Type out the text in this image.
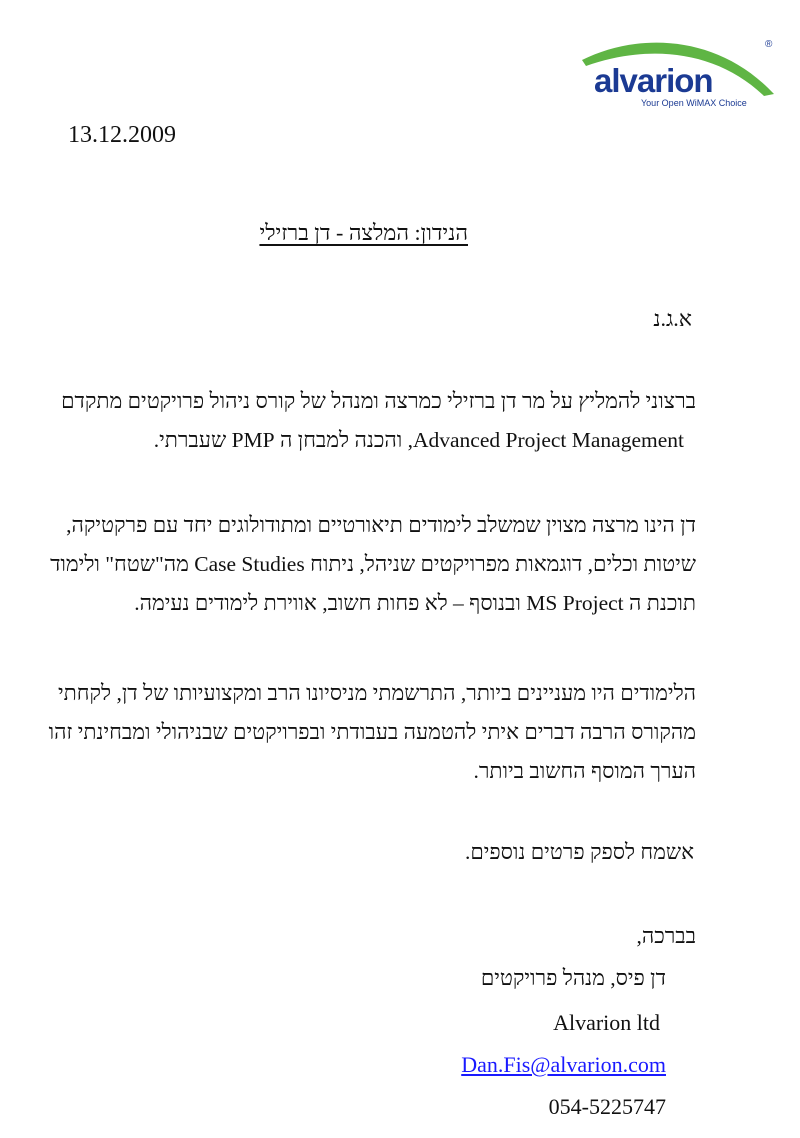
alvarion
Your Open WiMAX Choice
®
13.12.2009
הנידון: המלצה - דן ברזילי
א.ג.נ
ברצוני להמליץ על מר דן ברזילי כמרצה ומנהל של קורס ניהול פרויקטים מתקדם
Advanced Project Management, והכנה למבחן ה PMP שעברתי.
דן הינו מרצה מצוין שמשלב לימודים תיאורטיים ומתודולוגים יחד עם פרקטיקה,
שיטות וכלים, דוגמאות מפרויקטים שניהל, ניתוח Case Studies מה"שטח" ולימוד
תוכנת ה MS Project ובנוסף – לא פחות חשוב, אווירת לימודים נעימה.
הלימודים היו מעניינים ביותר, התרשמתי מניסיונו הרב ומקצועיותו של דן, לקחתי
מהקורס הרבה דברים איתי להטמעה בעבודתי ובפרויקטים שבניהולי ומבחינתי זהו
הערך המוסף החשוב ביותר.
אשמח לספק פרטים נוספים.
בברכה,
דן פיס, מנהל פרויקטים
Alvarion ltd
Dan.Fis@alvarion.com
054-5225747
